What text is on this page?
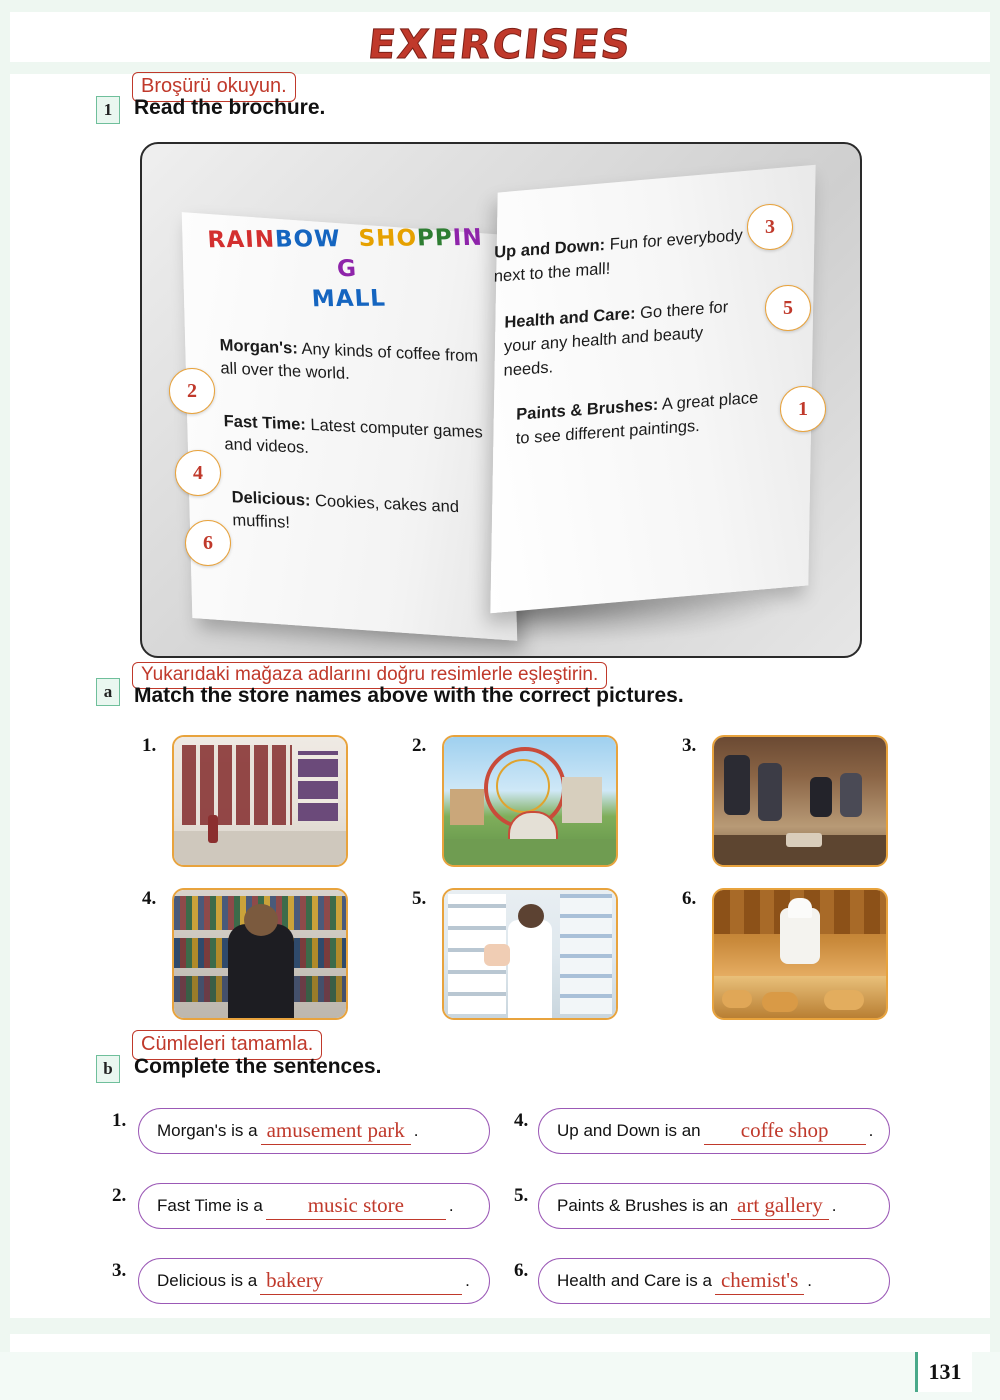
EXERCISES
1
Broşürü okuyun.
Read the brochure.
RAINBOW  SHOPPING
MALL
Morgan's: Any kinds of coffee from all over the world.
Fast Time: Latest computer games and videos.
Delicious: Cookies, cakes and muffins!
Up and Down: Fun for everybody next to the mall!
Health and Care: Go there for your any health and beauty needs.
Paints & Brushes: A great place to see different paintings.
3
5
1
2
4
6
a
Yukarıdaki mağaza adlarını doğru resimlerle eşleştirin.
Match the store names above with the correct pictures.
1.	2.	3.
4.	5.	6.
b
Cümleleri tamamla.
Complete the sentences.
1. Morgan's is a amusement park .	4. Up and Down is an	coffe shop	.
2. Fast Time is a	music store	.	5. Paints & Brushes is an art gallery .
3. Delicious is a bakery	. 6. Health and Care is a chemist's .
131
